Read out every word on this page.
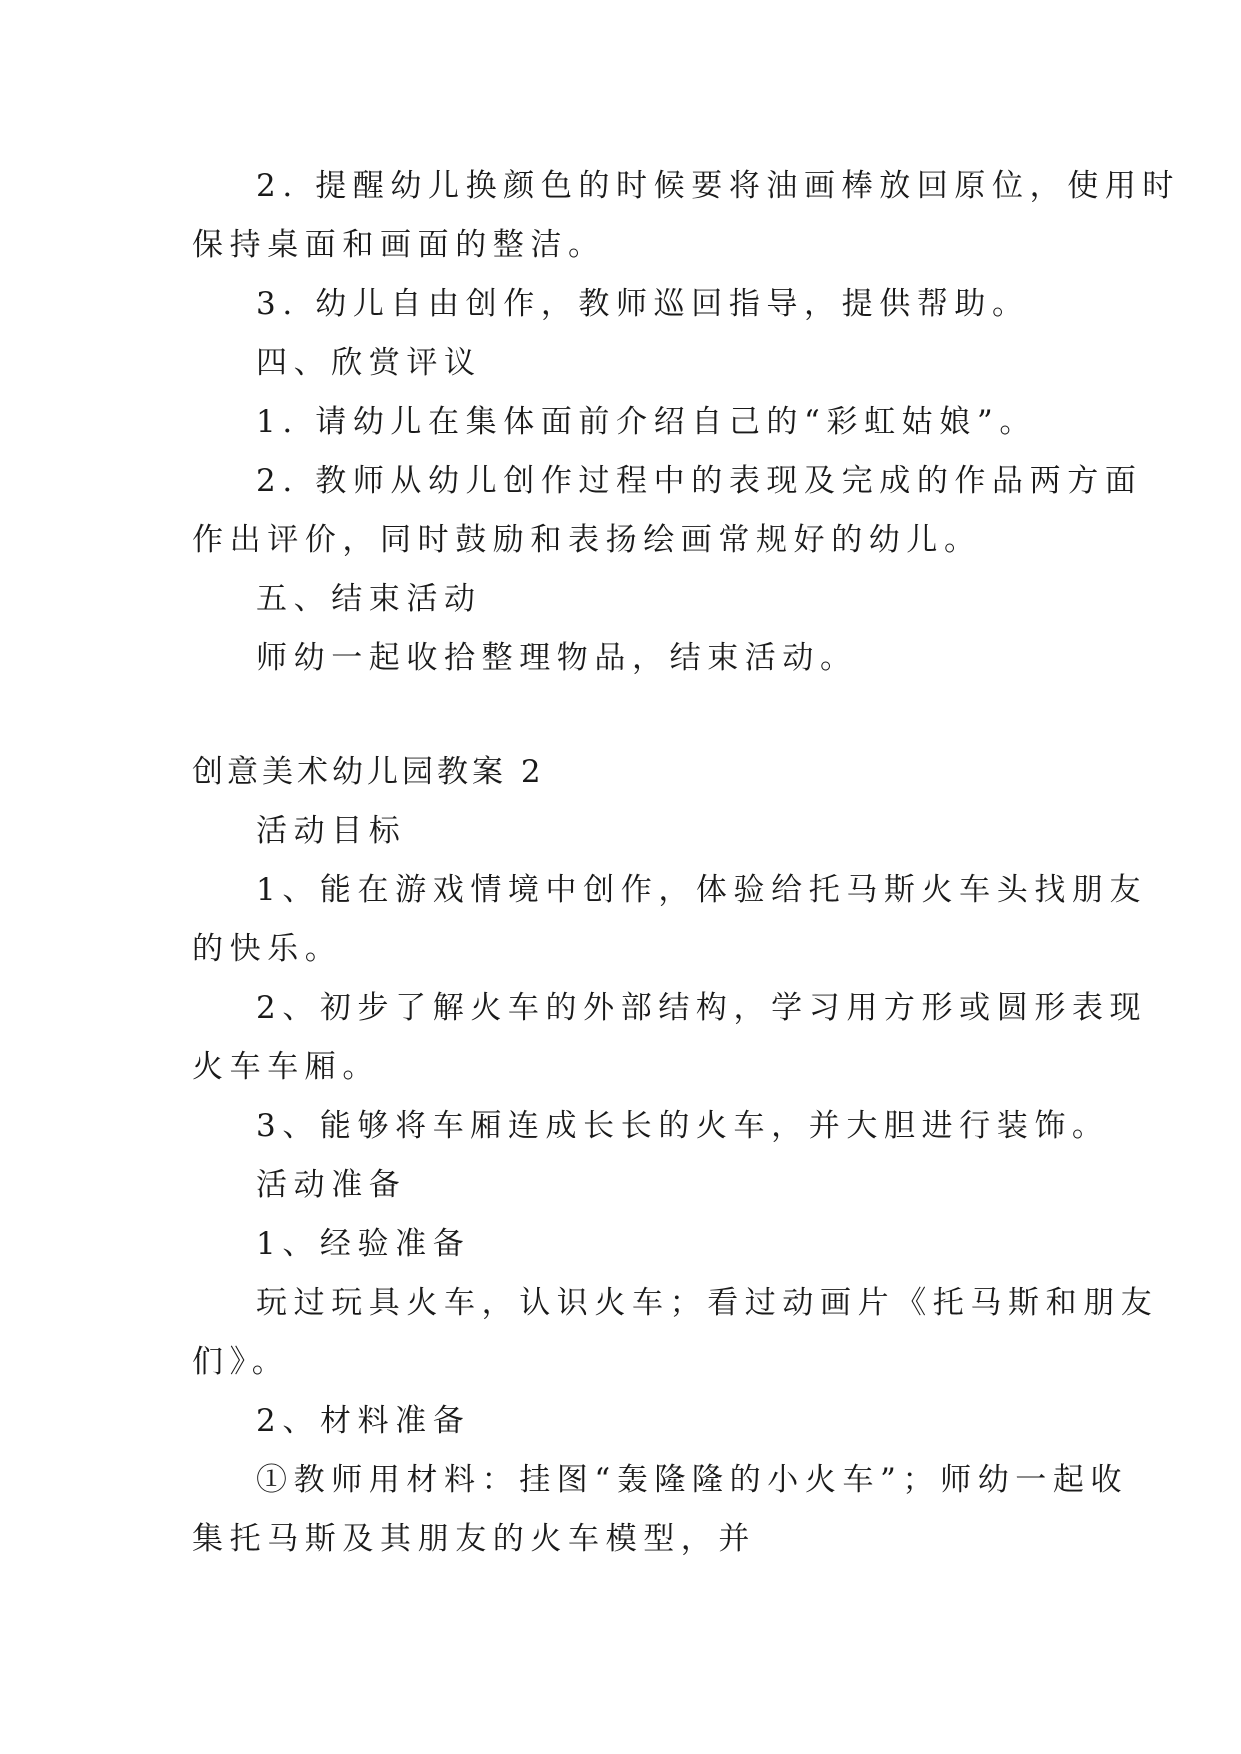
2. 提醒幼儿换颜色的时候要将油画棒放回原位，使用时
保持桌面和画面的整洁。
3. 幼儿自由创作，教师巡回指导，提供帮助。
四、欣赏评议
1. 请幼儿在集体面前介绍自己的“彩虹姑娘”。
2. 教师从幼儿创作过程中的表现及完成的作品两方面
作出评价，同时鼓励和表扬绘画常规好的幼儿。
五、结束活动
师幼一起收拾整理物品，结束活动。
创意美术幼儿园教案 2
活动目标
1、能在游戏情境中创作，体验给托马斯火车头找朋友
的快乐。
2、初步了解火车的外部结构，学习用方形或圆形表现
火车车厢。
3、能够将车厢连成长长的火车，并大胆进行装饰。
活动准备
1、经验准备
玩过玩具火车，认识火车；看过动画片《托马斯和朋友
们》。
2、材料准备
①教师用材料：挂图“轰隆隆的小火车”；师幼一起收
集托马斯及其朋友的火车模型，并
